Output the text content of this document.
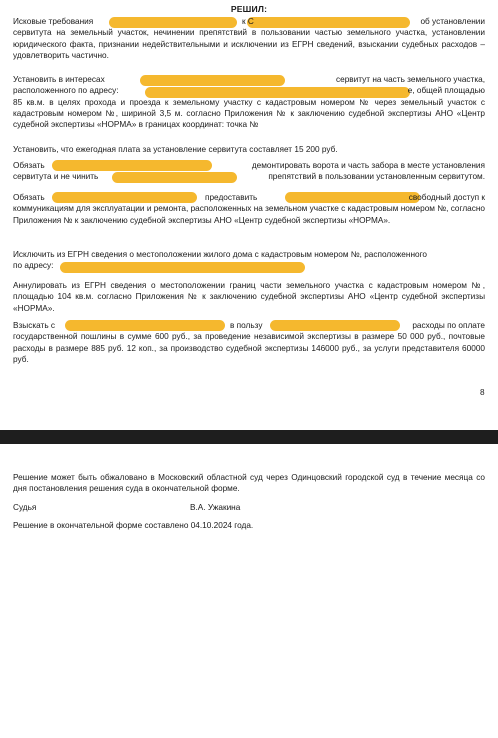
РЕШИЛ:
Исковые требования	к С	об установлении
сервитута на земельный участок, нечинении препятствий в пользовании частью земельного участка, установлении юридического факта, признании недействительными и исключении из ЕГРН сведений, взыскании судебных расходов – удовлетворить частично.
Установить в интересах	сервитут на часть земельного участка,
расположенного по адресу:	е, общей площадью
85 кв.м. в целях прохода и проезда к земельному участку с кадастровым номером № через земельный участок с кадастровым номером №, шириной 3,5 м. согласно Приложения № к заключению судебной экспертизы АНО «Центр судебной экспертизы «НОРМА» в границах координат: точка №
Установить, что ежегодная плата за установление сервитута составляет 15 200 руб.
Обязать	демонтировать ворота и часть забора в месте установления
сервитута и не чинить	препятствий в пользовании установленным сервитутом.
Обязать	предоставить	свободный доступ к
коммуникациям для эксплуатации и ремонта, расположенных на земельном участке с кадастровым номером №, согласно Приложения № к заключению судебной экспертизы АНО «Центр судебной экспертизы «НОРМА».
Исключить из ЕГРН сведения о местоположении жилого дома с кадастровым номером №, расположенного
по адресу:
Аннулировать из ЕГРН сведения о местоположении границ части земельного участка с кадастровым номером №, площадью 104 кв.м. согласно Приложения № к заключению судебной экспертизы АНО «Центр судебной экспертизы «НОРМА».
Взыскать с	в пользу	расходы по оплате
государственной пошлины в сумме 600 руб., за проведение независимой экспертизы в размере 50 000 руб., почтовые расходы в размере 885 руб. 12 коп., за производство судебной экспертизы 146000 руб., за услуги представителя 60000 руб.
8
Решение может быть обжаловано в Московский областной суд через Одинцовский городской суд в течение месяца со дня постановления решения суда в окончательной форме.
Судья	В.А. Ужакина
Решение в окончательной форме составлено 04.10.2024 года.
